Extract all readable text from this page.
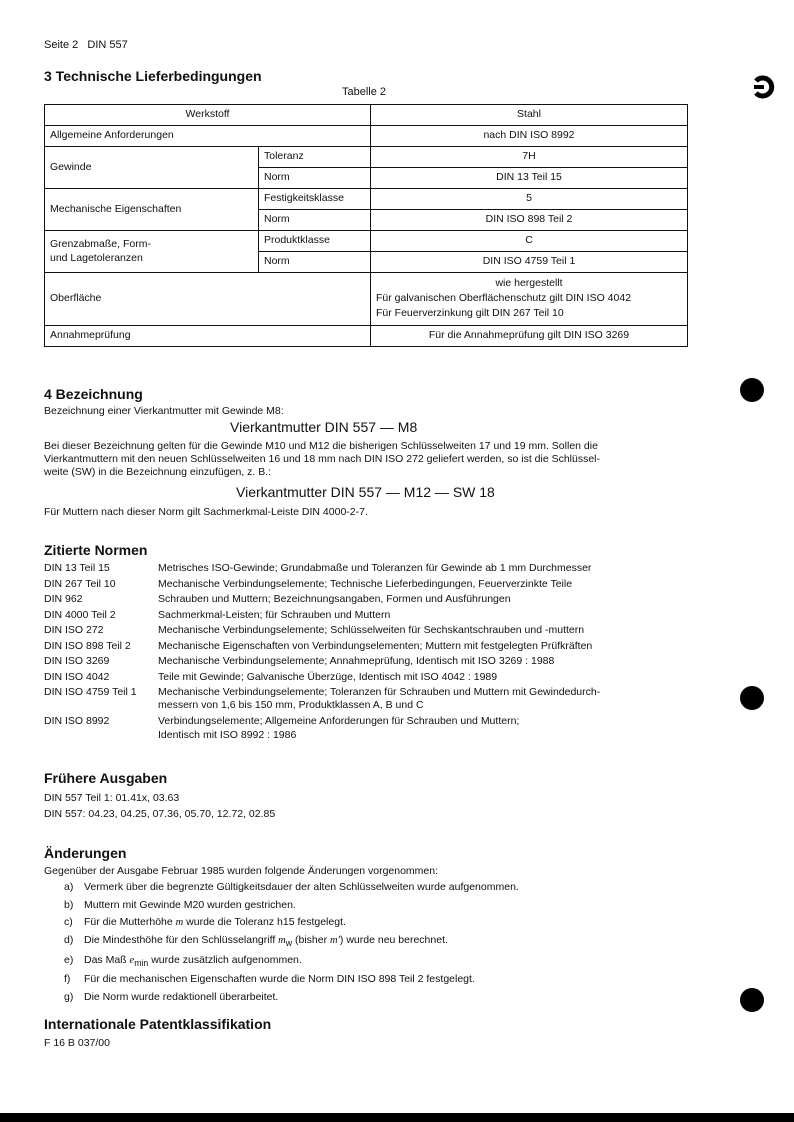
Seite 2 DIN 557
3 Technische Lieferbedingungen
Tabelle 2
Werkstoff		Stahl
Allgemeine Anforderungen		nach DIN ISO 8992
Gewinde	Toleranz	7H
	Norm	DIN 13 Teil 15
Mechanische Eigenschaften	Festigkeitsklasse	5
	Norm	DIN ISO 898 Teil 2
Grenzabmaße, Form-
und Lagetoleranzen	Produktklasse	C
	Norm	DIN ISO 4759 Teil 1
Oberfläche		wie hergestellt
Für galvanischen Oberflächenschutz gilt DIN ISO 4042
Für Feuerverzinkung gilt DIN 267 Teil 10

Annahmeprüfung		Für die Annahmeprüfung gilt DIN ISO 3269
4 Bezeichnung
Bezeichnung einer Vierkantmutter mit Gewinde M8:
Vierkantmutter DIN 557 — M8
Bei dieser Bezeichnung gelten für die Gewinde M10 und M12 die bisherigen Schlüsselweiten 17 und 19 mm. Sollen die
Vierkantmuttern mit den neuen Schlüsselweiten 16 und 18 mm nach DIN ISO 272 geliefert werden, so ist die Schlüssel-
weite (SW) in die Bezeichnung einzufügen, z. B.:
Vierkantmutter DIN 557 — M12 — SW 18
Für Muttern nach dieser Norm gilt Sachmerkmal-Leiste DIN 4000-2-7.
Zitierte Normen
DIN 13 Teil 15	Metrisches ISO-Gewinde; Grundabmaße und Toleranzen für Gewinde ab 1 mm Durchmesser
DIN 267 Teil 10	Mechanische Verbindungselemente; Technische Lieferbedingungen, Feuerverzinkte Teile
DIN 962	Schrauben und Muttern; Bezeichnungsangaben, Formen und Ausführungen
DIN 4000 Teil 2	Sachmerkmal-Leisten; für Schrauben und Muttern
DIN ISO 272	Mechanische Verbindungselemente; Schlüsselweiten für Sechskantschrauben und -muttern
DIN ISO 898 Teil 2	Mechanische Eigenschaften von Verbindungselementen; Muttern mit festgelegten Prüfkräften
DIN ISO 3269	Mechanische Verbindungselemente; Annahmeprüfung, Identisch mit ISO 3269 : 1988
DIN ISO 4042	Teile mit Gewinde; Galvanische Überzüge, Identisch mit ISO 4042 : 1989
DIN ISO 4759 Teil 1	Mechanische Verbindungselemente; Toleranzen für Schrauben und Muttern mit Gewindedurch-
messern von 1,6 bis 150 mm, Produktklassen A, B und C
DIN ISO 8992	Verbindungselemente; Allgemeine Anforderungen für Schrauben und Muttern;
Identisch mit ISO 8992 : 1986
Frühere Ausgaben
DIN 557 Teil 1: 01.41x, 03.63
DIN 557: 04.23, 04.25, 07.36, 05.70, 12.72, 02.85
Änderungen
Gegenüber der Ausgabe Februar 1985 wurden folgende Änderungen vorgenommen:
a)	Vermerk über die begrenzte Gültigkeitsdauer der alten Schlüsselweiten wurde aufgenommen.
b)	Muttern mit Gewinde M20 wurden gestrichen.
c)	Für die Mutterhöhe m wurde die Toleranz h15 festgelegt.
d)	Die Mindesthöhe für den Schlüsselangriff $m_w$ (bisher m′) wurde neu berechnet.
e)	Das Maß $e_{min}$ wurde zusätzlich aufgenommen.
f)	Für die mechanischen Eigenschaften wurde die Norm DIN ISO 898 Teil 2 festgelegt.
g)	Die Norm wurde redaktionell überarbeitet.
Internationale Patentklassifikation
F 16 B 037/00
